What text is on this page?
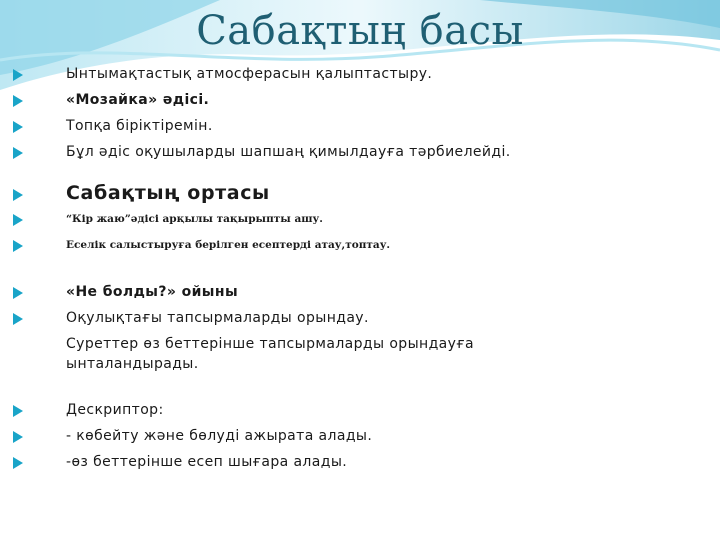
Сабақтың басы
Ынтымақтастық атмосферасын қалыптастыру.
«Мозайка» әдісі.
Топқа біріктіремін.
Бұл әдіс оқушыларды шапшаң қимылдауға тәрбиелейді.
Сабақтың ортасы
“Кір жаю”әдісі арқылы тақырыпты ашу.
Еселік салыстыруға берілген есептерді атау,топтау.
«Не болды?» ойыны
Оқулықтағы тапсырмаларды орындау.
Суреттер өз беттерінше тапсырмаларды орындауға
ынталандырады.
Дескриптор:
- көбейту және бөлуді ажырата алады.
-өз беттерінше есеп шығара алады.
